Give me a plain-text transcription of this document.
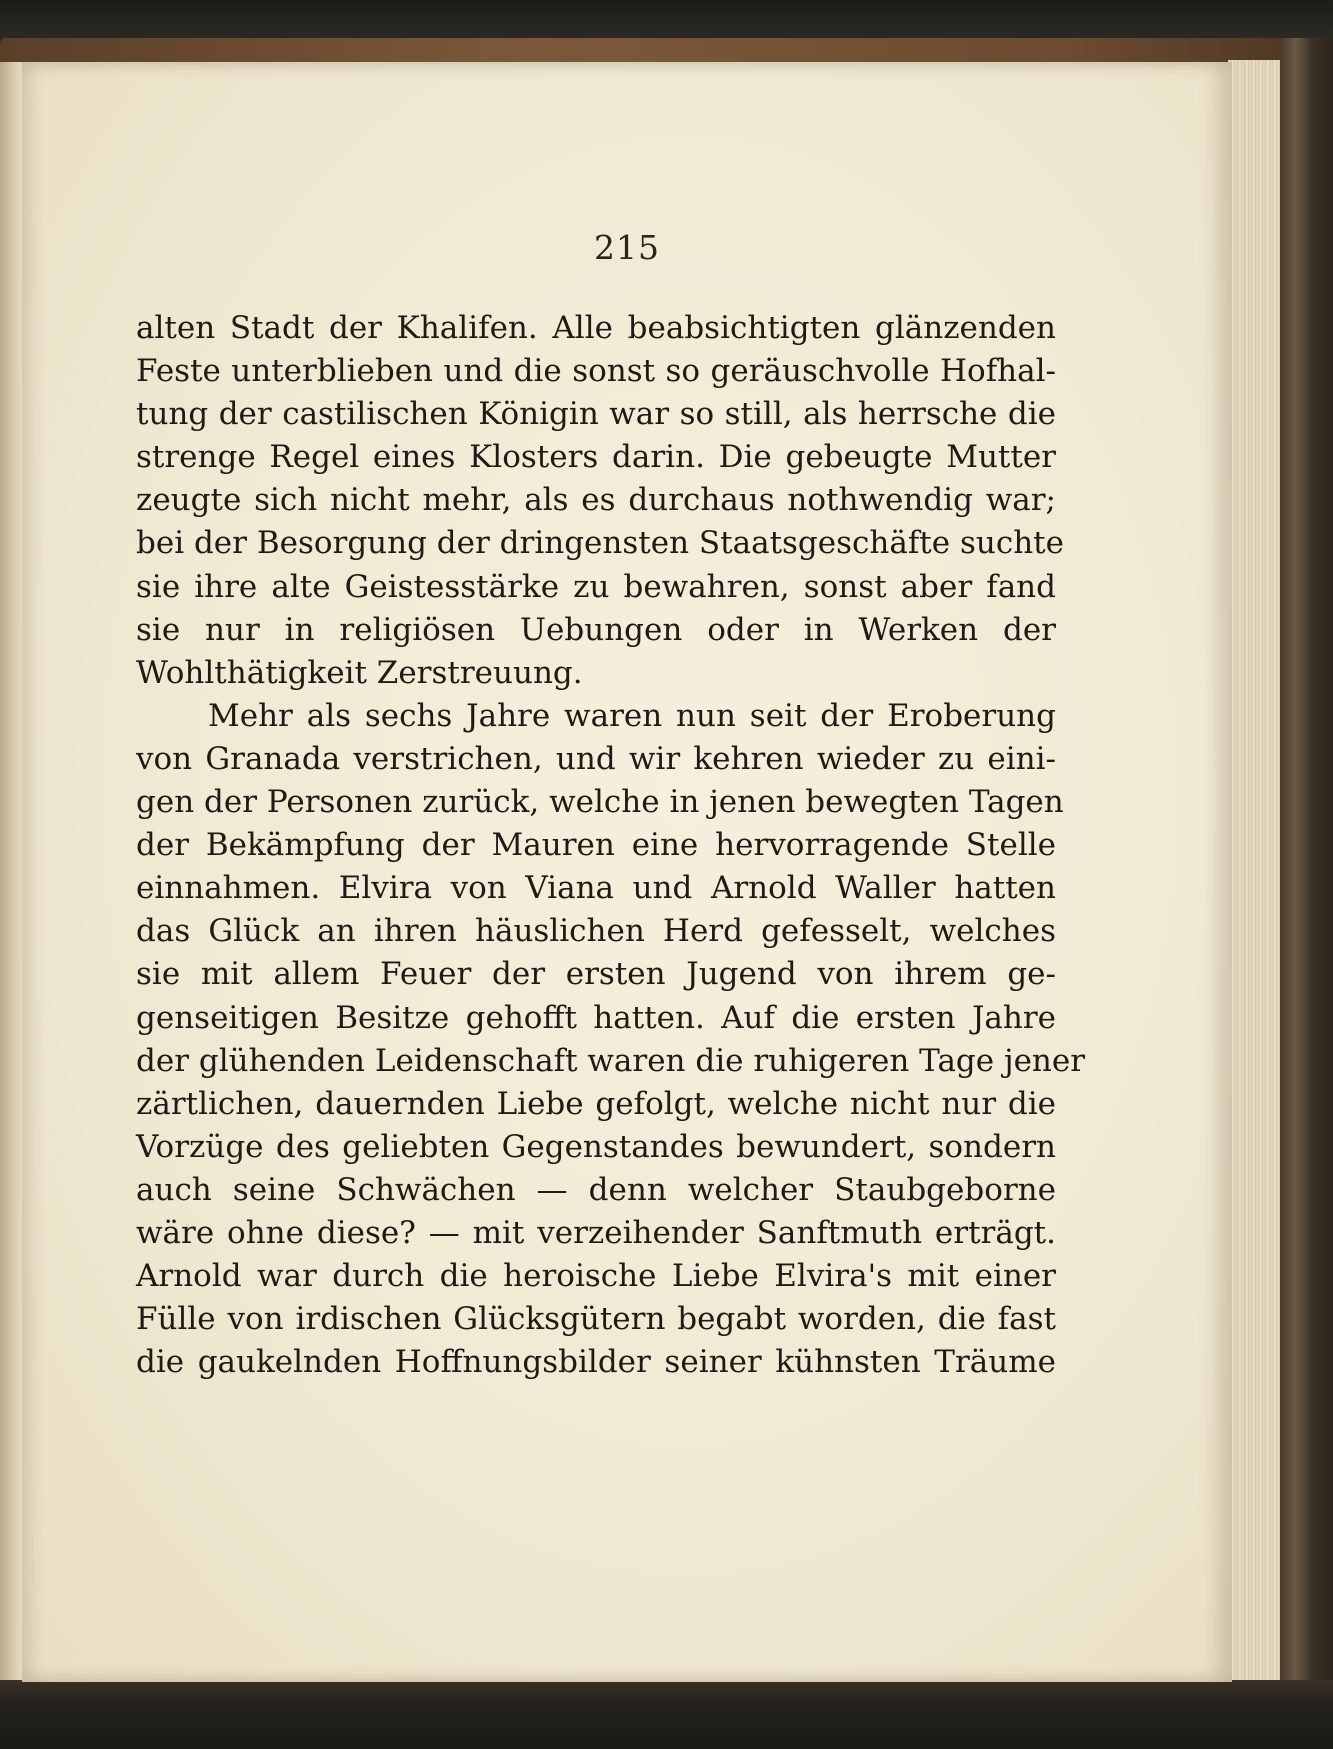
215
alten Stadt der Khalifen. Alle beabsichtigten glänzenden
Feste unterblieben und die sonst so geräuschvolle Hofhal-
tung der castilischen Königin war so still, als herrsche die
strenge Regel eines Klosters darin. Die gebeugte Mutter
zeugte sich nicht mehr, als es durchaus nothwendig war;
bei der Besorgung der dringensten Staatsgeschäfte suchte
sie ihre alte Geistesstärke zu bewahren, sonst aber fand
sie nur in religiösen Uebungen oder in Werken der
Wohlthätigkeit Zerstreuung.
Mehr als sechs Jahre waren nun seit der Eroberung
von Granada verstrichen, und wir kehren wieder zu eini-
gen der Personen zurück, welche in jenen bewegten Tagen
der Bekämpfung der Mauren eine hervorragende Stelle
einnahmen. Elvira von Viana und Arnold Waller hatten
das Glück an ihren häuslichen Herd gefesselt, welches
sie mit allem Feuer der ersten Jugend von ihrem ge-
genseitigen Besitze gehofft hatten. Auf die ersten Jahre
der glühenden Leidenschaft waren die ruhigeren Tage jener
zärtlichen, dauernden Liebe gefolgt, welche nicht nur die
Vorzüge des geliebten Gegenstandes bewundert, sondern
auch seine Schwächen — denn welcher Staubgeborne
wäre ohne diese? — mit verzeihender Sanftmuth erträgt.
Arnold war durch die heroische Liebe Elvira's mit einer
Fülle von irdischen Glücksgütern begabt worden, die fast
die gaukelnden Hoffnungsbilder seiner kühnsten Träume
